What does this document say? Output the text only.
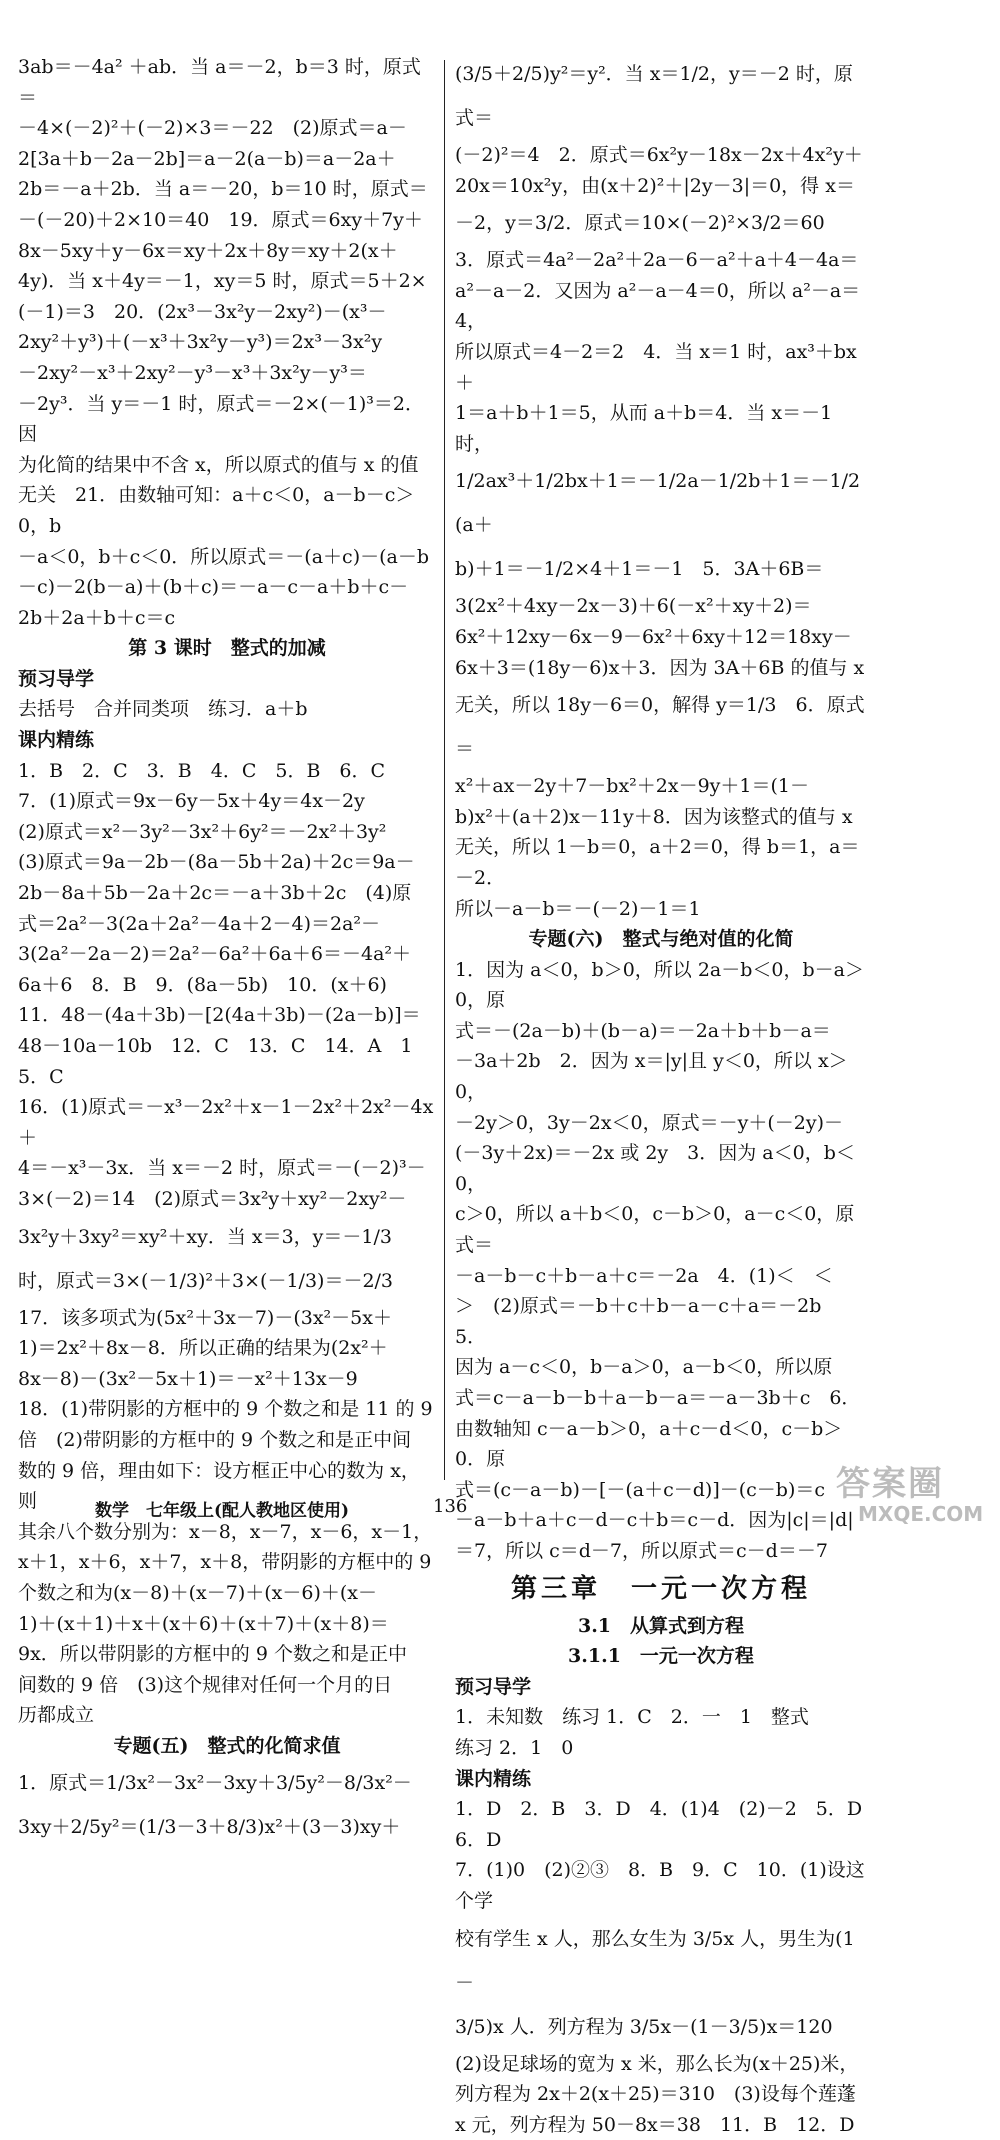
3ab＝－4a² ＋ab．当 a＝－2，b＝3 时，原式＝
－4×(－2)²＋(－2)×3＝－22　(2)原式＝a－
2[3a＋b－2a－2b]＝a－2(a－b)＝a－2a＋
2b＝－a＋2b．当 a＝－20，b＝10 时，原式＝
－(－20)＋2×10＝40　19．原式＝6xy＋7y＋
8x－5xy＋y－6x＝xy＋2x＋8y＝xy＋2(x＋
4y)．当 x＋4y＝－1，xy＝5 时，原式＝5＋2×
(－1)＝3　20．(2x³－3x²y－2xy²)－(x³－
2xy²＋y³)＋(－x³＋3x²y－y³)＝2x³－3x²y
－2xy²－x³＋2xy²－y³－x³＋3x²y－y³＝
－2y³．当 y＝－1 时，原式＝－2×(－1)³＝2．因
为化简的结果中不含 x，所以原式的值与 x 的值
无关　21．由数轴可知：a＋c＜0，a－b－c＞0，b
－a＜0，b＋c＜0．所以原式＝－(a＋c)－(a－b
－c)－2(b－a)＋(b＋c)＝－a－c－a＋b＋c－
2b＋2a＋b＋c＝c
第 3 课时　整式的加减
预习导学
去括号　合并同类项　练习．a＋b
课内精练
1．B　2．C　3．B　4．C　5．B　6．C
7．(1)原式＝9x－6y－5x＋4y＝4x－2y
(2)原式＝x²－3y²－3x²＋6y²＝－2x²＋3y²
(3)原式＝9a－2b－(8a－5b＋2a)＋2c＝9a－
2b－8a＋5b－2a＋2c＝－a＋3b＋2c　(4)原
式＝2a²－3(2a＋2a²－4a＋2－4)＝2a²－
3(2a²－2a－2)＝2a²－6a²＋6a＋6＝－4a²＋
6a＋6　8．B　9．(8a－5b)　10．(x＋6)
11．48－(4a＋3b)－[2(4a＋3b)－(2a－b)]＝
48－10a－10b　12．C　13．C　14．A　15．C
16．(1)原式＝－x³－2x²＋x－1－2x²＋2x²－4x＋
4＝－x³－3x．当 x＝－2 时，原式＝－(－2)³－
3×(－2)＝14　(2)原式＝3x²y＋xy²－2xy²－
3x²y＋3xy²＝xy²＋xy．当 x＝3，y＝－1/3
时，原式＝3×(－1/3)²＋3×(－1/3)＝－2/3
17．该多项式为(5x²＋3x－7)－(3x²－5x＋
1)＝2x²＋8x－8．所以正确的结果为(2x²＋
8x－8)－(3x²－5x＋1)＝－x²＋13x－9
18．(1)带阴影的方框中的 9 个数之和是 11 的 9
倍　(2)带阴影的方框中的 9 个数之和是正中间
数的 9 倍，理由如下：设方框正中心的数为 x，则
其余八个数分别为：x－8，x－7，x－6，x－1，
x＋1，x＋6，x＋7，x＋8，带阴影的方框中的 9
个数之和为(x－8)＋(x－7)＋(x－6)＋(x－
1)＋(x＋1)＋x＋(x＋6)＋(x＋7)＋(x＋8)＝
9x．所以带阴影的方框中的 9 个数之和是正中
间数的 9 倍　(3)这个规律对任何一个月的日
历都成立
专题(五)　整式的化简求值
1．原式＝1/3x²－3x²－3xy＋3/5y²－8/3x²－
3xy＋2/5y²＝(1/3－3＋8/3)x²＋(3－3)xy＋
(3/5＋2/5)y²＝y²．当 x＝1/2，y＝－2 时，原式＝
(－2)²＝4　2．原式＝6x²y－18x－2x＋4x²y＋
20x＝10x²y，由(x＋2)²＋|2y－3|＝0，得 x＝
－2，y＝3/2．原式＝10×(－2)²×3/2＝60
3．原式＝4a²－2a²＋2a－6－a²＋a＋4－4a＝
a²－a－2．又因为 a²－a－4＝0，所以 a²－a＝4，
所以原式＝4－2＝2　4．当 x＝1 时，ax³＋bx＋
1＝a＋b＋1＝5，从而 a＋b＝4．当 x＝－1 时，
1/2ax³＋1/2bx＋1＝－1/2a－1/2b＋1＝－1/2(a＋
b)＋1＝－1/2×4＋1＝－1　5．3A＋6B＝
3(2x²＋4xy－2x－3)＋6(－x²＋xy＋2)＝
6x²＋12xy－6x－9－6x²＋6xy＋12＝18xy－
6x＋3＝(18y－6)x＋3．因为 3A＋6B 的值与 x
无关，所以 18y－6＝0，解得 y＝1/3　6．原式＝
x²＋ax－2y＋7－bx²＋2x－9y＋1＝(1－
b)x²＋(a＋2)x－11y＋8．因为该整式的值与 x
无关，所以 1－b＝0，a＋2＝0，得 b＝1，a＝－2．
所以－a－b＝－(－2)－1＝1
专题(六)　整式与绝对值的化简
1．因为 a＜0，b＞0，所以 2a－b＜0，b－a＞0，原
式＝－(2a－b)＋(b－a)＝－2a＋b＋b－a＝
－3a＋2b　2．因为 x＝|y|且 y＜0，所以 x＞0，
－2y＞0，3y－2x＜0，原式＝－y＋(－2y)－
(－3y＋2x)＝－2x 或 2y　3．因为 a＜0，b＜0，
c＞0，所以 a＋b＜0，c－b＞0，a－c＜0，原式＝
－a－b－c＋b－a＋c＝－2a　4．(1)＜　＜
＞　(2)原式＝－b＋c＋b－a－c＋a＝－2b　5．
因为 a－c＜0，b－a＞0，a－b＜0，所以原
式＝c－a－b－b＋a－b－a＝－a－3b＋c　6．
由数轴知 c－a－b＞0，a＋c－d＜0，c－b＞0．原
式＝(c－a－b)－[－(a＋c－d)]－(c－b)＝c
－a－b＋a＋c－d－c＋b＝c－d．因为|c|＝|d|
＝7，所以 c＝d－7，所以原式＝c－d＝－7
第三章　一元一次方程
3.1　从算式到方程
3.1.1　一元一次方程
预习导学
1．未知数　练习 1．C　2．一　1　整式
练习 2．1　0
课内精练
1．D　2．B　3．D　4．(1)4　(2)－2　5．D　6．D
7．(1)0　(2)②③　8．B　9．C　10．(1)设这个学
校有学生 x 人，那么女生为 3/5x 人，男生为(1－
3/5)x 人．列方程为 3/5x－(1－3/5)x＝120
(2)设足球场的宽为 x 米，那么长为(x＋25)米，
列方程为 2x＋2(x＋25)＝310　(3)设每个莲蓬
x 元，列方程为 50－8x＝38　11．B　12．D
数学　七年级上(配人教地区使用)	136
答案圈
MXQE.COM
